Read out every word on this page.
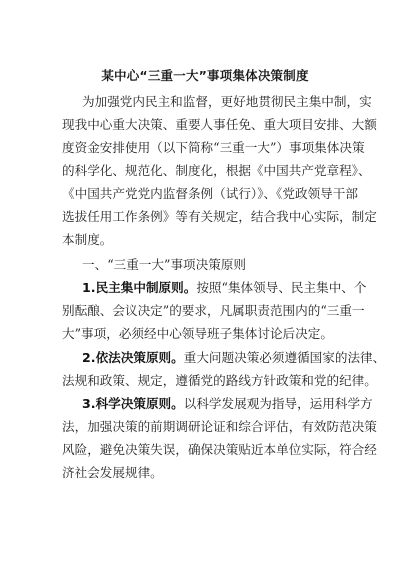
某中心“三重一大”事项集体决策制度
为加强党内民主和监督，更好地贯彻民主集中制，实
现我中心重大决策、重要人事任免、重大项目安排、大额
度资金安排使用（以下简称“三重一大”）事项集体决策
的科学化、规范化、制度化，根据《中国共产党章程》、
《中国共产党党内监督条例（试行）》、《党政领导干部
选拔任用工作条例》等有关规定，结合我中心实际，制定
本制度。
一、“三重一大”事项决策原则
1.民主集中制原则。按照“集体领导、民主集中、个
别酝酿、会议决定”的要求，凡属职责范围内的“三重一
大”事项，必须经中心领导班子集体讨论后决定。
2.依法决策原则。重大问题决策必须遵循国家的法律、
法规和政策、规定，遵循党的路线方针政策和党的纪律。
3.科学决策原则。以科学发展观为指导，运用科学方
法，加强决策的前期调研论证和综合评估，有效防范决策
风险，避免决策失误，确保决策贴近本单位实际，符合经
济社会发展规律。
